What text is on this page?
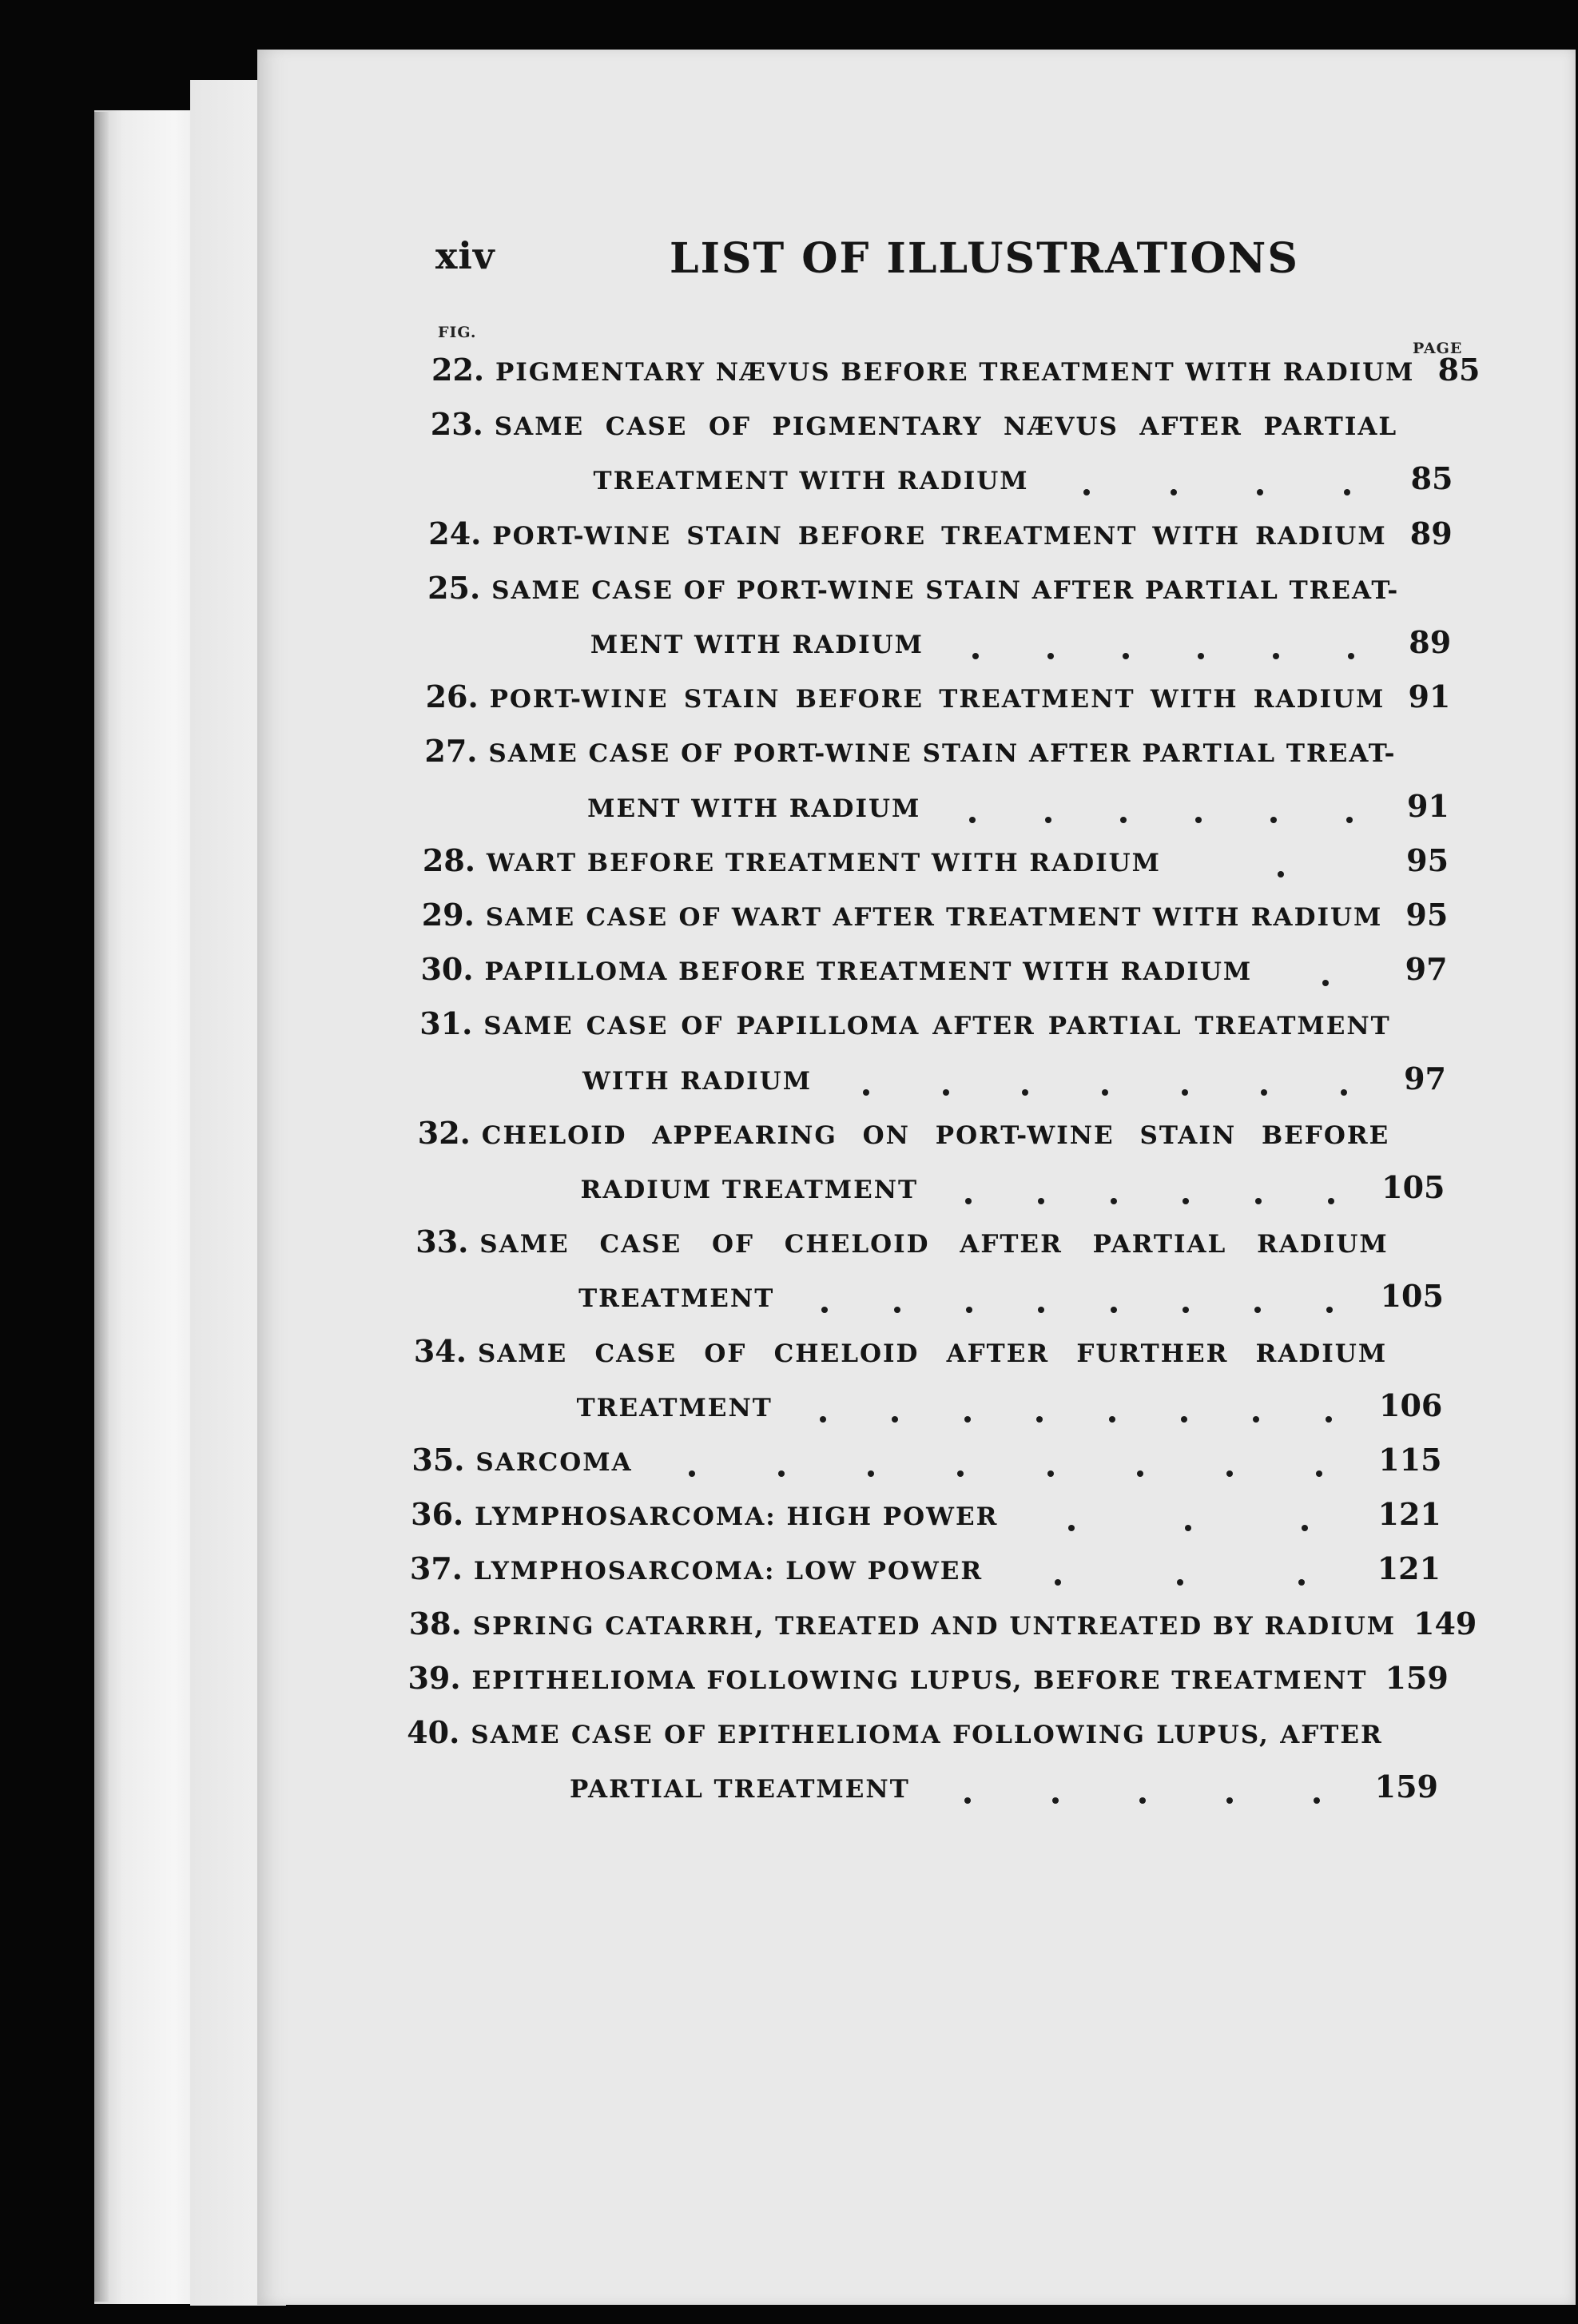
xiv	LIST OF ILLUSTRATIONS
FIG.
PAGE
22. PIGMENTARY NÆVUS BEFORE TREATMENT WITH RADIUM 85
23. SAME CASE OF PIGMENTARY NÆVUS AFTER PARTIAL
TREATMENT WITH RADIUM	85
24. PORT-WINE STAIN BEFORE TREATMENT WITH RADIUM 89
25. SAME CASE OF PORT-WINE STAIN AFTER PARTIAL TREAT-
MENT WITH RADIUM	89
26. PORT-WINE STAIN BEFORE TREATMENT WITH RADIUM 91
27. SAME CASE OF PORT-WINE STAIN AFTER PARTIAL TREAT-
MENT WITH RADIUM	91
28. WART BEFORE TREATMENT WITH RADIUM	95
29. SAME CASE OF WART AFTER TREATMENT WITH RADIUM 95
30. PAPILLOMA BEFORE TREATMENT WITH RADIUM	97
31. SAME CASE OF PAPILLOMA AFTER PARTIAL TREATMENT
WITH RADIUM	97
32. CHELOID APPEARING ON PORT-WINE STAIN BEFORE
RADIUM TREATMENT	105
33. SAME CASE OF CHELOID AFTER PARTIAL RADIUM
TREATMENT	105
34. SAME CASE OF CHELOID AFTER FURTHER RADIUM
TREATMENT	106
35. SARCOMA	115
36. LYMPHOSARCOMA: HIGH POWER	121
37. LYMPHOSARCOMA: LOW POWER	121
38. SPRING CATARRH, TREATED AND UNTREATED BY RADIUM 149
39. EPITHELIOMA FOLLOWING LUPUS, BEFORE TREATMENT 159
40. SAME CASE OF EPITHELIOMA FOLLOWING LUPUS, AFTER
PARTIAL TREATMENT	159
